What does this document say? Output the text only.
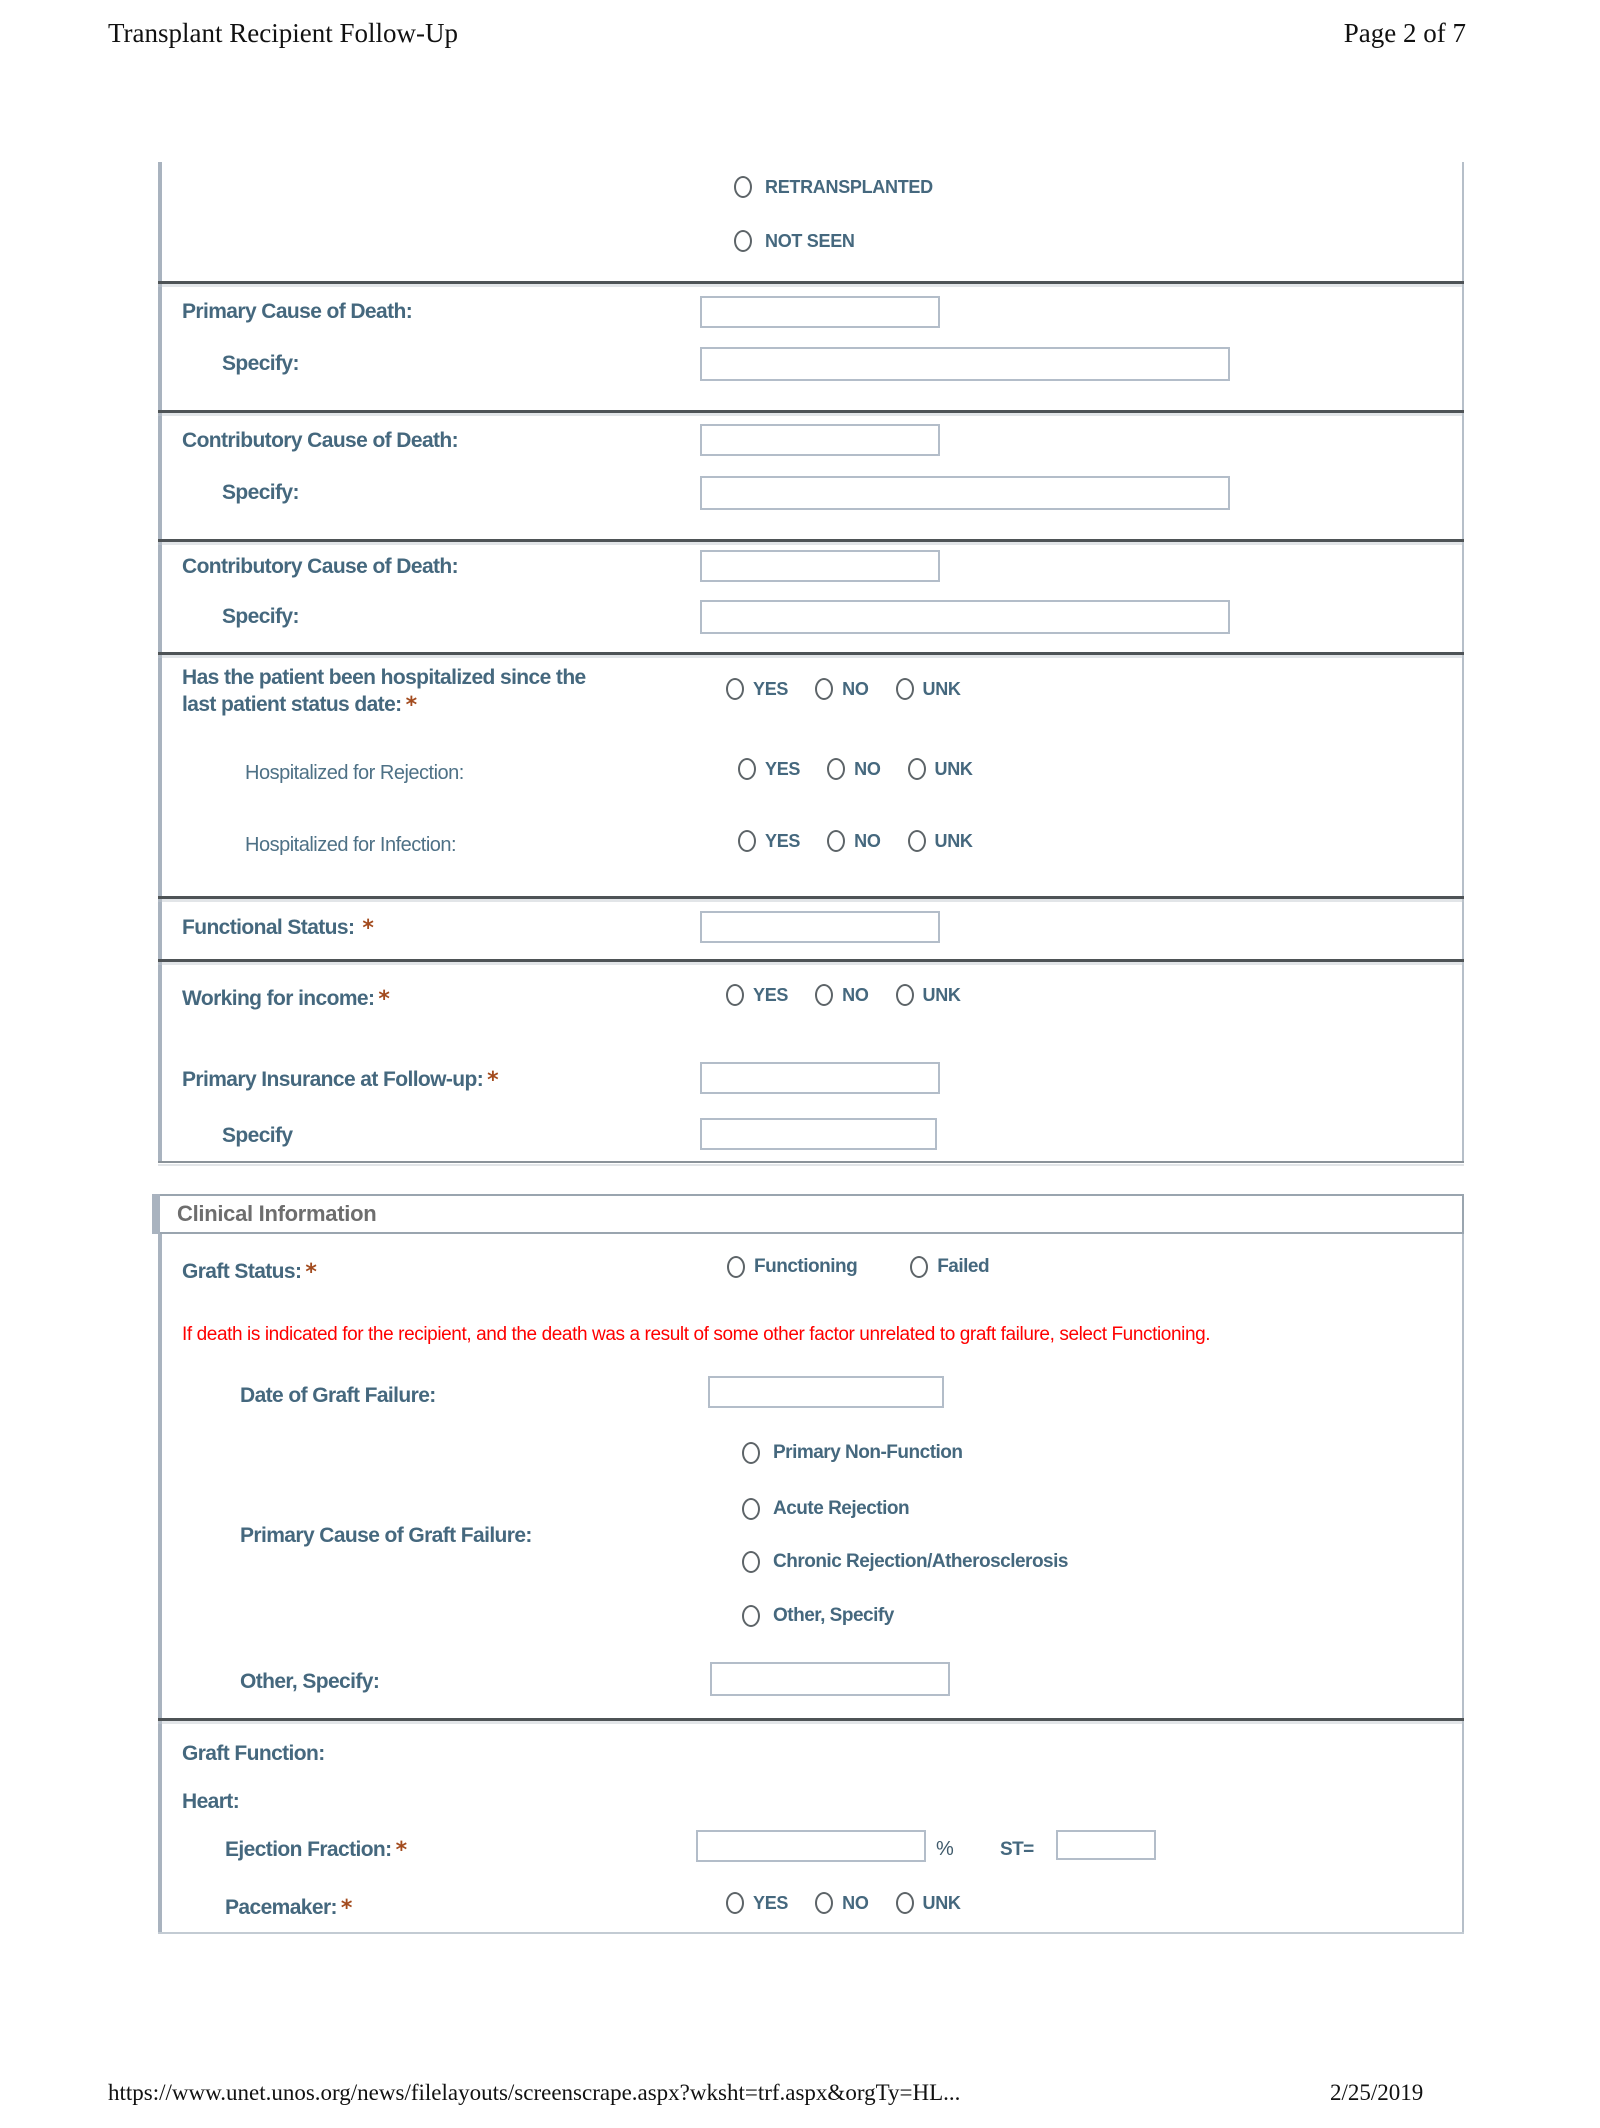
Transplant Recipient Follow-Up	Page 2 of 7
RETRANSPLANTED
NOT SEEN
Primary Cause of Death:
Specify:
Contributory Cause of Death:
Specify:
Contributory Cause of Death:
Specify:
Has the patient been hospitalized since the
last patient status date: *
YES	NO	UNK
Hospitalized for Rejection:	YES	NO	UNK
Hospitalized for Infection:	YES	NO	UNK
Functional Status: *
Working for income: *	YES	NO	UNK
Primary Insurance at Follow-up: *
Specify
Clinical Information
Graft Status: *	Functioning	Failed
If death is indicated for the recipient, and the death was a result of some other factor unrelated to graft failure, select Functioning.
Date of Graft Failure:
Primary Cause of Graft Failure:
Primary Non-Function
Acute Rejection
Chronic Rejection/Atherosclerosis
Other, Specify
Other, Specify:
Graft Function:
Heart:
Ejection Fraction: *	% ST=
Pacemaker: *	YES	NO	UNK
https://www.unet.unos.org/news/filelayouts/screenscrape.aspx?wksht=trf.aspx&orgTy=HL...	2/25/2019
